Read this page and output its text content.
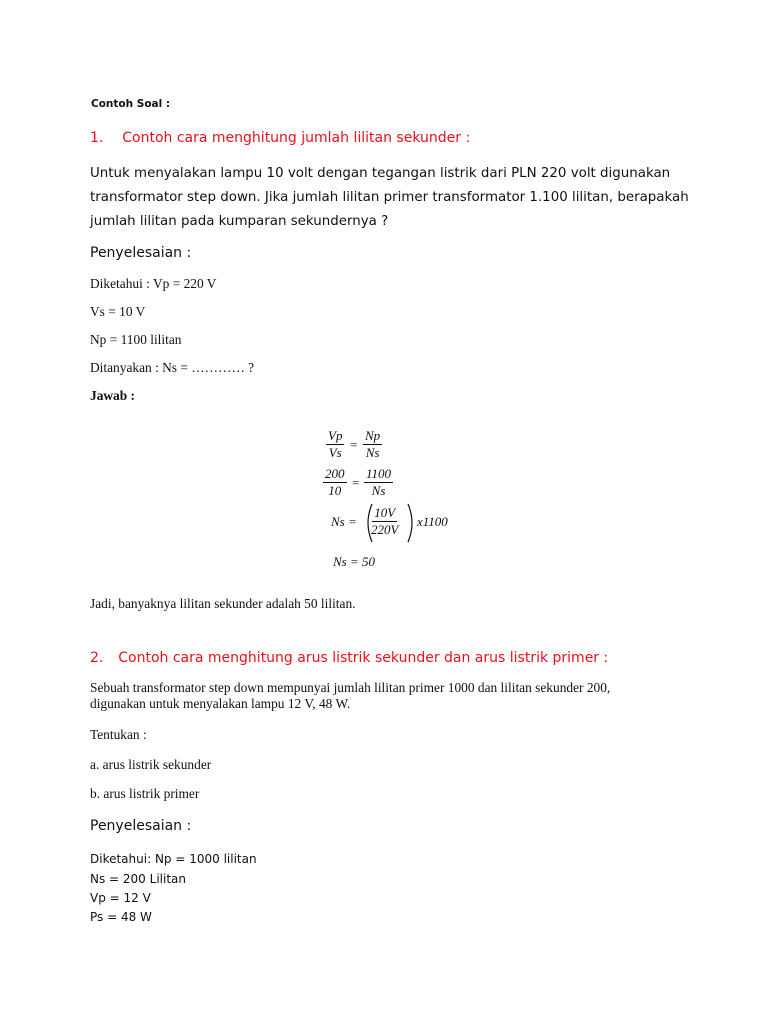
Contoh Soal :
1. Contoh cara menghitung jumlah lilitan sekunder :
Untuk menyalakan lampu 10 volt dengan tegangan listrik dari PLN 220 volt digunakan
transformator step down. Jika jumlah lilitan primer transformator 1.100 lilitan, berapakah
jumlah lilitan pada kumparan sekundernya ?
Penyelesaian :
Diketahui : Vp = 220 V
Vs = 10 V
Np = 1100 lilitan
Ditanyakan : Ns = ………… ?
Jawab :
$\frac{Vp}{Vs} = \frac{Np}{Ns}$
$\frac{200}{10} = \frac{1100}{Ns}$
$Ns = \frac{10V}{220V} x1100$
Ns = 50
Jadi, banyaknya lilitan sekunder adalah 50 lilitan.
2. Contoh cara menghitung arus listrik sekunder dan arus listrik primer :
Sebuah transformator step down mempunyai jumlah lilitan primer 1000 dan lilitan sekunder 200,
digunakan untuk menyalakan lampu 12 V, 48 W.
Tentukan :
a. arus listrik sekunder
b. arus listrik primer
Penyelesaian :
Diketahui: Np = 1000 lilitan
Ns = 200 Lilitan
Vp = 12 V
Ps = 48 W
